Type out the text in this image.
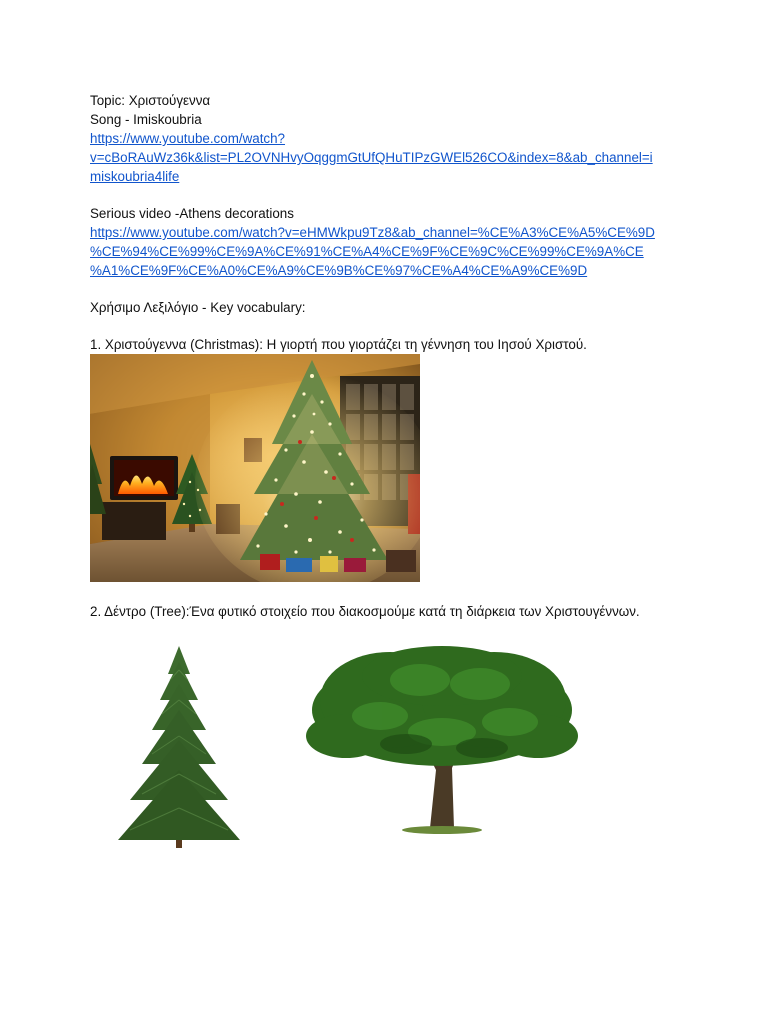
Topic: Χριστούγεννα
Song - Imiskoubria
https://www.youtube.com/watch?
v=cBoRAuWz36k&list=PL2OVNHvyOqggmGtUfQHuTIPzGWEl526CO&index=8&ab_channel=i
miskoubria4life
Serious video -Athens decorations
https://www.youtube.com/watch?v=eHMWkpu9Tz8&ab_channel=%CE%A3%CE%A5%CE%9D
%CE%94%CE%99%CE%9A%CE%91%CE%A4%CE%9F%CE%9C%CE%99%CE%9A%CE
%A1%CE%9F%CE%A0%CE%A9%CE%9B%CE%97%CE%A4%CE%A9%CE%9D
Χρήσιμο Λεξιλόγιο - Key vocabulary:
1. Χριστούγεννα (Christmas): Η γιορτή που γιορτάζει τη γέννηση του Ιησού Χριστού.
2. Δέντρο (Tree):Ένα φυτικό στοιχείο που διακοσμούμε κατά τη διάρκεια των Χριστουγέννων.
